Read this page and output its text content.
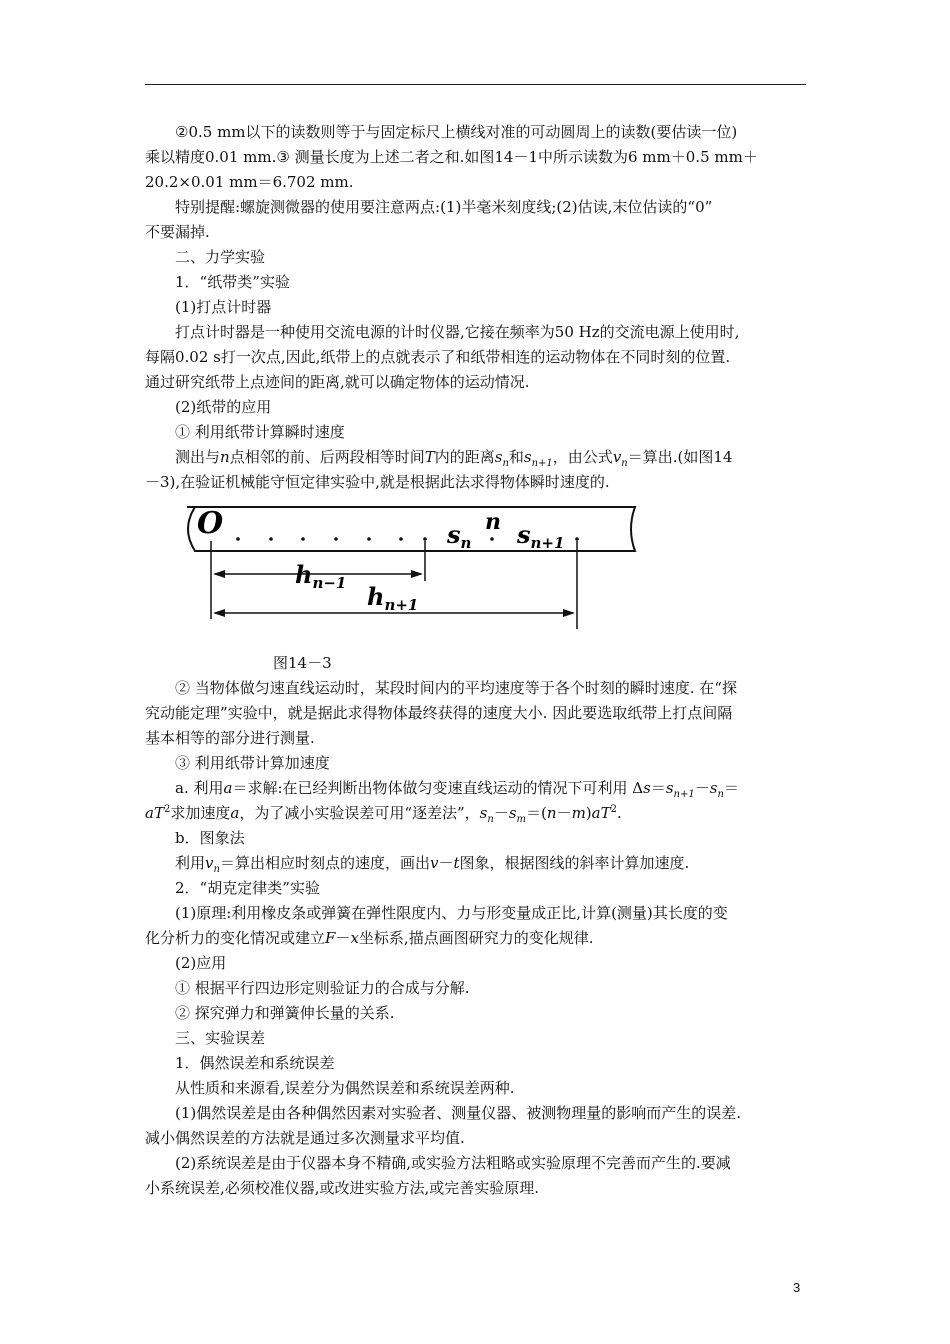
②0.5 mm以下的读数则等于与固定标尺上横线对准的可动圆周上的读数(要估读一位)

乘以精度0.01 mm.③ 测量长度为上述二者之和.如图14－1中所示读数为6 mm＋0.5 mm＋

20.2×0.01 mm＝6.702 mm.

特别提醒:螺旋测微器的使用要注意两点:(1)半毫米刻度线;(2)估读,末位估读的“0”

不要漏掉.

二、力学实验

1．“纸带类”实验

(1)打点计时器

打点计时器是一种使用交流电源的计时仪器,它接在频率为50 Hz的交流电源上使用时,

每隔0.02 s打一次点,因此,纸带上的点就表示了和纸带相连的运动物体在不同时刻的位置.

通过研究纸带上点迹间的距离,就可以确定物体的运动情况.

(2)纸带的应用

① 利用纸带计算瞬时速度

测出与n点相邻的前、后两段相等时间T内的距离$s_n$和$s_{n+1}$，由公式$v_n=$算出.(如图14

－3),在验证机械能守恒定律实验中,就是根据此法求得物体瞬时速度的.

O	n
$s_n$ $s_{n+1}$
$h_{n-1}$ $h_{n+1}$

图14－3

② 当物体做匀速直线运动时，某段时间内的平均速度等于各个时刻的瞬时速度. 在“探

究动能定理”实验中，就是据此求得物体最终获得的速度大小. 因此要选取纸带上打点间隔

基本相等的部分进行测量.

③ 利用纸带计算加速度

a. 利用a＝求解:在已经判断出物体做匀变速直线运动的情况下可利用 $\Delta s=s_{n+1}-s_n=$

$aT^2$求加速度a，为了减小实验误差可用“逐差法”，$s_n-s_m=(n-m)aT^2$.

b．图象法

利用$v_n=$算出相应时刻点的速度，画出v－t图象，根据图线的斜率计算加速度.

2．“胡克定律类”实验

(1)原理:利用橡皮条或弹簧在弹性限度内、力与形变量成正比,计算(测量)其长度的变

化分析力的变化情况或建立F－x坐标系,描点画图研究力的变化规律.

(2)应用

① 根据平行四边形定则验证力的合成与分解.

② 探究弹力和弹簧伸长量的关系.

三、实验误差

1．偶然误差和系统误差

从性质和来源看,误差分为偶然误差和系统误差两种.

(1)偶然误差是由各种偶然因素对实验者、测量仪器、被测物理量的影响而产生的误差.

减小偶然误差的方法就是通过多次测量求平均值.

(2)系统误差是由于仪器本身不精确,或实验方法粗略或实验原理不完善而产生的.要减

小系统误差,必须校准仪器,或改进实验方法,或完善实验原理.

3
